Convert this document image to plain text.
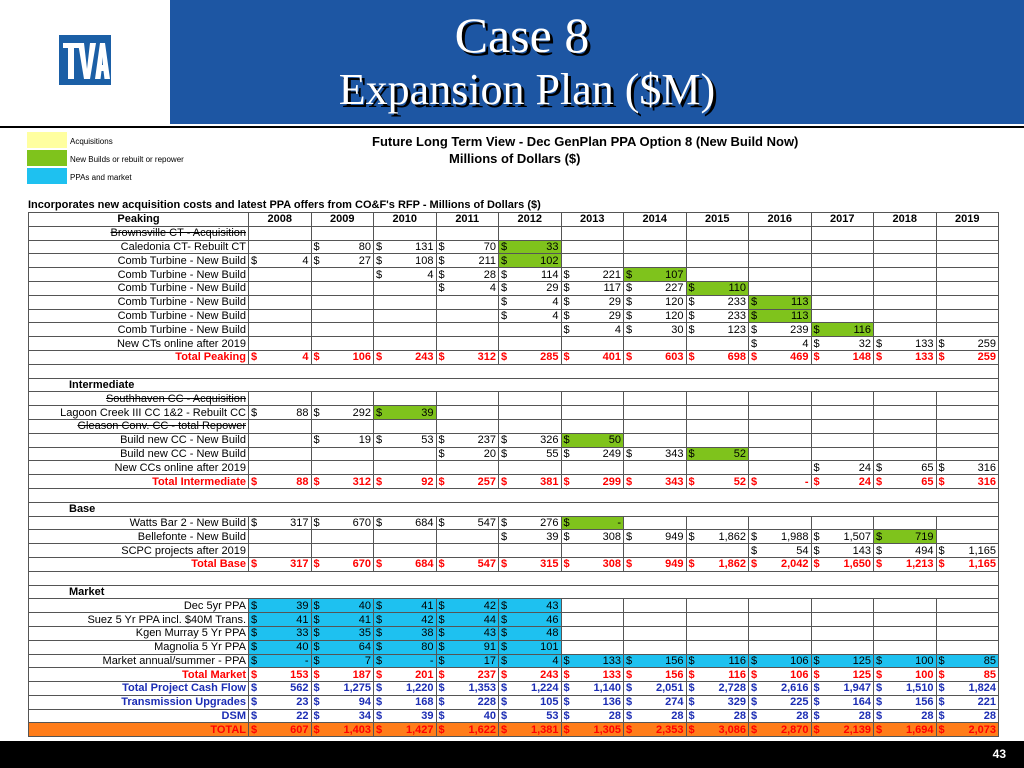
Case 8
Expansion Plan ($M)
Acquisitions
New Builds or rebuilt or repower
PPAs and market
Future Long Term View - Dec GenPlan PPA Option 8 (New Build Now)
Millions of Dollars ($)
Incorporates new acquisition costs and latest PPA offers from CO&F's RFP - Millions of Dollars ($)
Peaking	2008	2009	2010	2011	2012	2013	2014	2015	2016	2017	2018	2019
Brownsville CT - Acquisition												
Caledonia CT- Rebuilt CT		$ 80	$ 131	$ 70	$ 33							

Comb Turbine - New Build	$ 4	$ 27	$ 108	$ 211	$ 102							

Comb Turbine - New Build			$ 4	$ 28	$ 114	$ 221	$ 107					

Comb Turbine - New Build				$ 4	$ 29	$ 117	$ 227	$ 110				

Comb Turbine - New Build					$ 4	$ 29	$ 120	$ 233	$ 113			

Comb Turbine - New Build					$ 4	$ 29	$ 120	$ 233	$ 113			

Comb Turbine - New Build						$ 4	$ 30	$ 123	$ 239	$ 116		

New CTs online after 2019									$ 4	$ 32	$ 133	$ 259

Total Peaking	$ 4	$ 106	$ 243	$ 312	$ 285	$ 401	$ 603	$ 698	$ 469	$ 148	$ 133	$ 259

Intermediate												
Southhaven CC - Acquisition												
Lagoon Creek III CC 1&2 - Rebuilt CC	$ 88	$ 292	$ 39									

Gleason Conv. CC - total Repower												
Build new CC - New Build		$ 19	$ 53	$ 237	$ 326	$ 50						

Build new CC - New Build				$ 20	$ 55	$ 249	$ 343	$ 52				

New CCs online after 2019										$ 24	$ 65	$ 316

Total Intermediate	$ 88	$ 312	$ 92	$ 257	$ 381	$ 299	$ 343	$ 52	$ -	$ 24	$ 65	$ 316

Base												
Watts Bar 2 - New Build	$ 317	$ 670	$ 684	$ 547	$ 276	$ -						

Bellefonte - New Build					$ 39	$ 308	$ 949	$ 1,862	$ 1,988	$ 1,507	$ 719	

SCPC projects after 2019									$ 54	$ 143	$ 494	$ 1,165

Total Base	$ 317	$ 670	$ 684	$ 547	$ 315	$ 308	$ 949	$ 1,862	$ 2,042	$ 1,650	$ 1,213	$ 1,165

Market												
Dec 5yr PPA	$ 39	$ 40	$ 41	$ 42	$ 43							

Suez 5 Yr PPA incl. $40M Trans.	$ 41	$ 41	$ 42	$ 44	$ 46							

Kgen Murray 5 Yr PPA	$ 33	$ 35	$ 38	$ 43	$ 48							

Magnolia 5 Yr PPA	$ 40	$ 64	$ 80	$ 91	$ 101							

Market annual/summer - PPA	$ -	$ 7	$ -	$ 17	$ 4	$ 133	$ 156	$ 116	$ 106	$ 125	$ 100	$ 85

Total Market	$ 153	$ 187	$ 201	$ 237	$ 243	$ 133	$ 156	$ 116	$ 106	$ 125	$ 100	$ 85

Total Project Cash Flow	$ 562	$ 1,275	$ 1,220	$ 1,353	$ 1,224	$ 1,140	$ 2,051	$ 2,728	$ 2,616	$ 1,947	$ 1,510	$ 1,824

Transmission Upgrades	$ 23	$ 94	$ 168	$ 228	$ 105	$ 136	$ 274	$ 329	$ 225	$ 164	$ 156	$ 221

DSM	$ 22	$ 34	$ 39	$ 40	$ 53	$ 28	$ 28	$ 28	$ 28	$ 28	$ 28	$ 28

TOTAL	$ 607	$ 1,403	$ 1,427	$ 1,622	$ 1,381	$ 1,305	$ 2,353	$ 3,086	$ 2,870	$ 2,139	$ 1,694	$ 2,073
43
